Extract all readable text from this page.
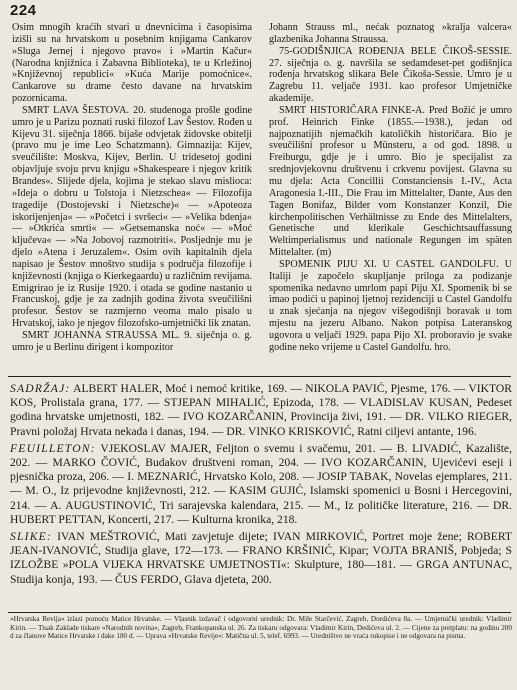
224

Osim mnogih kraćih stvari u dnevnicima i časopisima izišli su na hrvatskom u posebnim knjigama Cankarov »Sluga Jernej i njegovo pravo« i »Martin Kačur« (Narodna knjižnica i Zabavna Biblioteka), te u Krležinoj »Književnoj republici« »Kuća Marije pomoćnice«. Cankarove su drame često davane na hrvatskim pozornicama.

SMRT LAVA ŠESTOVA. 20. studenoga prošle godine umro je u Parizu poznati ruski filozof Lav Šestov. Rođen u Kijevu 31. siječnja 1866. bijaše odvjetak židovske obitelji (pravo mu je ime Leo Schatzmann). Gimnazija: Kijev, sveučilište: Moskva, Kijev, Berlin. U tridesetoj godini objavljuje svoju prvu knjigu »Shakespeare i njegov kritik Brandes«. Slijede djela, kojima je stekao slavu mislioca: »Ideja o dobru u Tolstoja i Nietzschea« — Filozofija tragedije (Dostojevski i Nietzsche)« — »Apoteoza iskorijenjenja« — »Početci i svršeci« — »Velika bdenja« — »Otkrića smrti« — »Getsemanska noć« — »Moć ključeva« — »Na Jobovoj razmotriti«. Posljednje mu je djelo »Atena i Jeruzalem«. Osim ovih kapitalnih djela napisao je Šestov mnoštvo studija s područja filozofije i književnosti (knjiga o Kierkegaardu) u različnim revijama. Emigrirao je iz Rusije 1920. i otada se godine nastanio u Francuskoj, gdje je za zadnjih godina života sveučilišni profesor. Šestov se razmjerno veoma malo pisalo u Hrvatskoj, iako je njegov filozofsko-umjetnički lik znatan.

SMRT JOHANNA STRAUSSA ML. 9. siječnja o. g. umro je u Berlinu dirigent i kompozitor

Johann Strauss ml., nećak poznatog »kralja valcera« glazbenika Johanna Straussa.

75-GODIŠNJICA ROĐENJA BELE ČIKOŠ-SESSIE. 27. siječnja o. g. navršila se sedamdeset-pet godišnjica rođenja hrvatskog slikara Bele Čikoša-Sessie. Umro je u Zagrebu 11. veljače 1931. kao profesor Umjetničke akademije.

SMRT HISTORIČARA FINKE-A. Pred Božić je umro prof. Heinrich Finke (1855.—1938.), jedan od najpoznatijih njemačkih katoličkih historičara. Bio je sveučilišni profesor u Münsteru, a od god. 1898. u Freiburgu, gdje je i umro. Bio je specijalist za srednjovjekovnu društvenu i crkvenu povijest. Glavna su mu djela: Acta Concillii Constanciensis I.-IV., Acta Aragonesia I.-III., Die Frau im Mittelalter, Dante, Aus den Tagen Bonifaz, Bilder vom Konstanzer Konzil, Die kirchenpolitischen Verhältnisse zu Ende des Mittelalters, Genetische und klerikale Geschichtsauffassung Weltimperialismus und nationale Regungen im späten Mittelalter. (m)

SPOMENIK PIJU XI. U CASTEL GANDOLFU. U Italiji je započelo skupljanje priloga za podizanje spomenika nedavno umrlom papi Piju XI. Spomenik bi se imao podići u papinoj ljetnoj rezidenciji u Castel Gandolfu u znak sjećanja na njegov višegodišnji boravak u tom mjestu na jezeru Albano. Nakon potpisa Lateranskog ugovora u veljači 1929. papa Pijo XI. proboravio je svake godine neko vrijeme u Castel Gandolfu. hro.

SADRŽAJ: ALBERT HALER, Moć i nemoć kritike, 169. — NIKOLA PAVIĆ, Pjesme, 176. — VIKTOR KOS, Prolistala grana, 177. — STJEPAN MIHALIĆ, Epizoda, 178. — VLADISLAV KUSAN, Pedeset godina hrvatske umjetnosti, 182. — IVO KOZARČANIN, Provincija živi, 191. — DR. VILKO RIEGER, Pravni položaj Hrvata nekada i danas, 194. — DR. VINKO KRISKOVIĆ, Ratni ciljevi antante, 196.

FEUILLETON: VJEKOSLAV MAJER, Feljton o svemu i svačemu, 201. — B. LIVADIĆ, Kazalište, 202. — MARKO ČOVIĆ, Budakov društveni roman, 204. — IVO KOZARČANIN, Ujevićevi eseji i pjesnička proza, 206. — I. MEZNARIĆ, Hrvatsko Kolo, 208. — JOSIP TABAK, Novelas ejemplares, 211. — M. O., Iz prijevodne književnosti, 212. — KASIM GUJIĆ, Islamski spomenici u Bosni i Hercegovini, 214. — A. AUGUSTINOVIĆ, Tri sarajevska kalendara, 215. — M., Iz političke literature, 216. — DR. HUBERT PETTAN, Koncerti, 217. — Kulturna kronika, 218.

SLIKE: IVAN MEŠTROVIĆ, Mati zavjetuje dijete; IVAN MIRKOVIĆ, Portret moje žene; ROBERT JEAN-IVANOVIĆ, Studija glave, 172—173. — FRANO KRŠINIĆ, Kipar; VOJTA BRANIŠ, Pobjeda; S IZLOŽBE »POLA VIJEKA HRVATSKE UMJETNOSTI«: Skulpture, 180—181. — GRGA ANTUNAC, Studija konja, 193. — ČUS FERDO, Glava djeteta, 200.

»Hrvatska Revija« izlazi pomoću Matice Hrvatske. — Vlasnik izdavač i odgovorni urednik: Dr. Mile Starčević, Zagreb, Dordićeva 8a. — Umjetnički urednik: Vladimir Kirin. — Tisak Zaklade tiskare »Narodnih novina«, Zagreb, Frankopanska ul. 26. Za tiskaru odgovara: Vladimir Kirin, Dedićeva ul. 2. — Cijene za pretplatu: na godinu 200 d za članove Matice Hrvatske i dake 180 d. — Uprava »Hrvatske Revije«: Matična ul. 5, telef. 6993. — Uredništvo ne vraća rukopise i ne odgovara na pisma.
